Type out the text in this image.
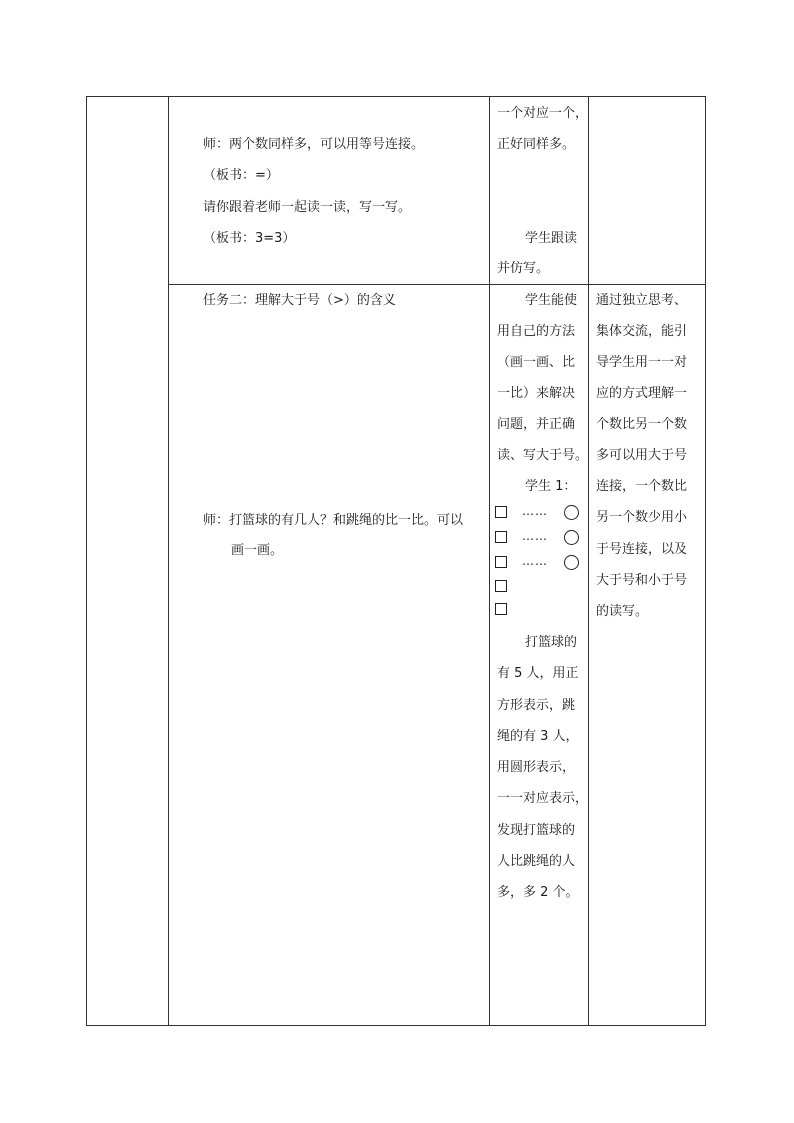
师：两个数同样多，可以用等号连接。
（板书：=）
请你跟着老师一起读一读，写一写。
（板书：3=3）
任务二：理解大于号（>）的含义
师：打篮球的有几人？和跳绳的比一比。可以
画一画。
一个对应一个，
正好同样多。
学生跟读
并仿写。
学生能使
用自己的方法
（画一画、比
一比）来解决
问题，并正确
读、写大于号。
学生 1：
……
……
……
打篮球的
有 5 人，用正
方形表示，跳
绳的有 3 人，
用圆形表示，
一一对应表示，
发现打篮球的
人比跳绳的人
多，多 2 个。
通过独立思考、
集体交流，能引
导学生用一一对
应的方式理解一
个数比另一个数
多可以用大于号
连接，一个数比
另一个数少用小
于号连接，以及
大于号和小于号
的读写。
